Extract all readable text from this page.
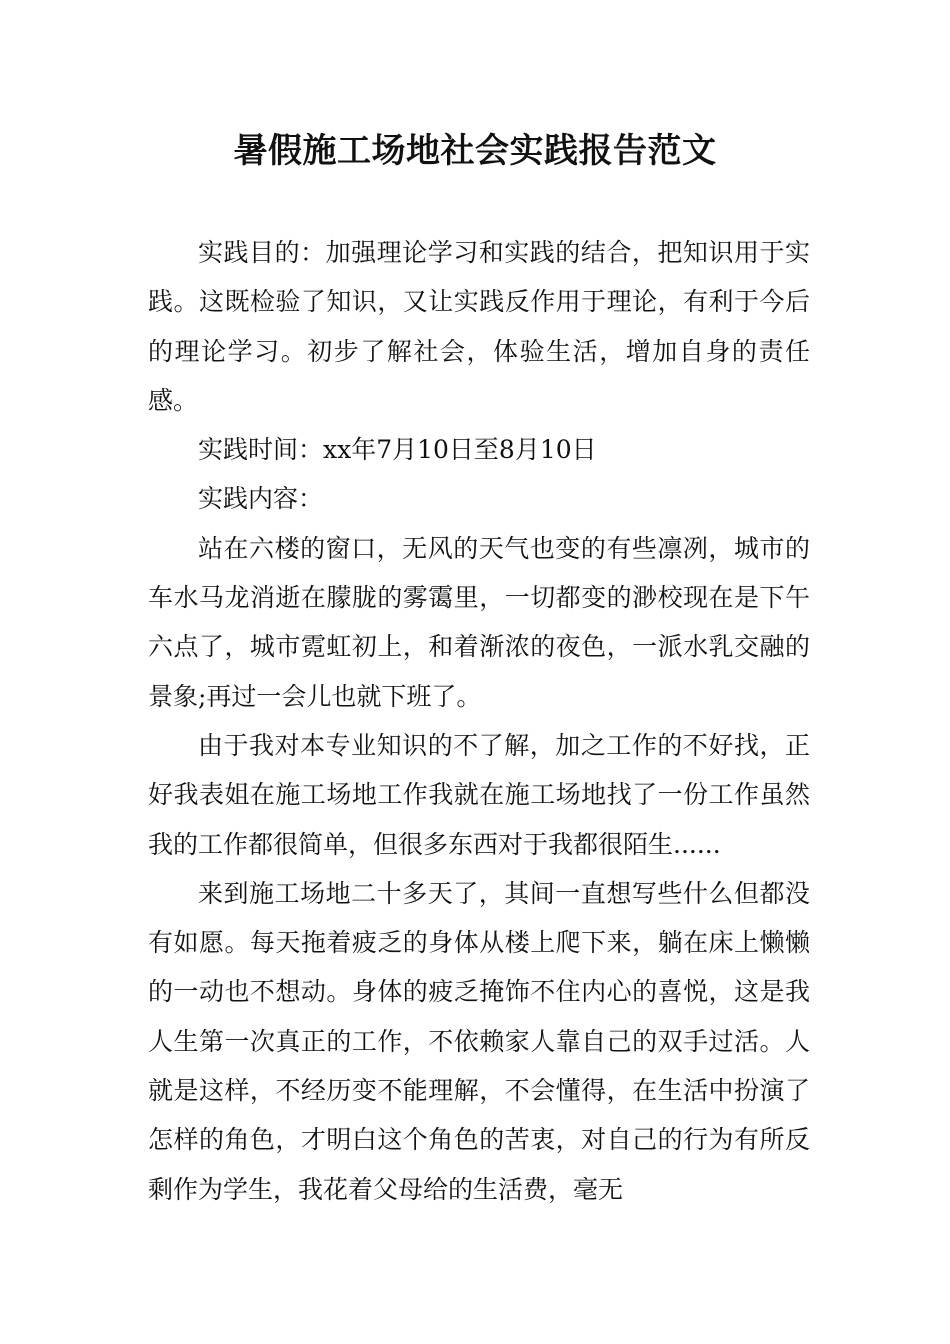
暑假施工场地社会实践报告范文

实践目的：加强理论学习和实践的结合，把知识用于实践。这既检验了知识，又让实践反作用于理论，有利于今后的理论学习。初步了解社会，体验生活，增加自身的责任感。

实践时间：xx年7月10日至8月10日

实践内容：

站在六楼的窗口，无风的天气也变的有些凛冽，城市的车水马龙消逝在朦胧的雾霭里，一切都变的渺校现在是下午六点了，城市霓虹初上，和着渐浓的夜色，一派水乳交融的景象;再过一会儿也就下班了。

由于我对本专业知识的不了解，加之工作的不好找，正好我表姐在施工场地工作我就在施工场地找了一份工作虽然我的工作都很简单，但很多东西对于我都很陌生......

来到施工场地二十多天了，其间一直想写些什么但都没有如愿。每天拖着疲乏的身体从楼上爬下来，躺在床上懒懒的一动也不想动。身体的疲乏掩饰不住内心的喜悦，这是我人生第一次真正的工作，不依赖家人靠自己的双手过活。人就是这样，不经历变不能理解，不会懂得，在生活中扮演了怎样的角色，才明白这个角色的苦衷，对自己的行为有所反剩作为学生，我花着父母给的生活费，毫无
